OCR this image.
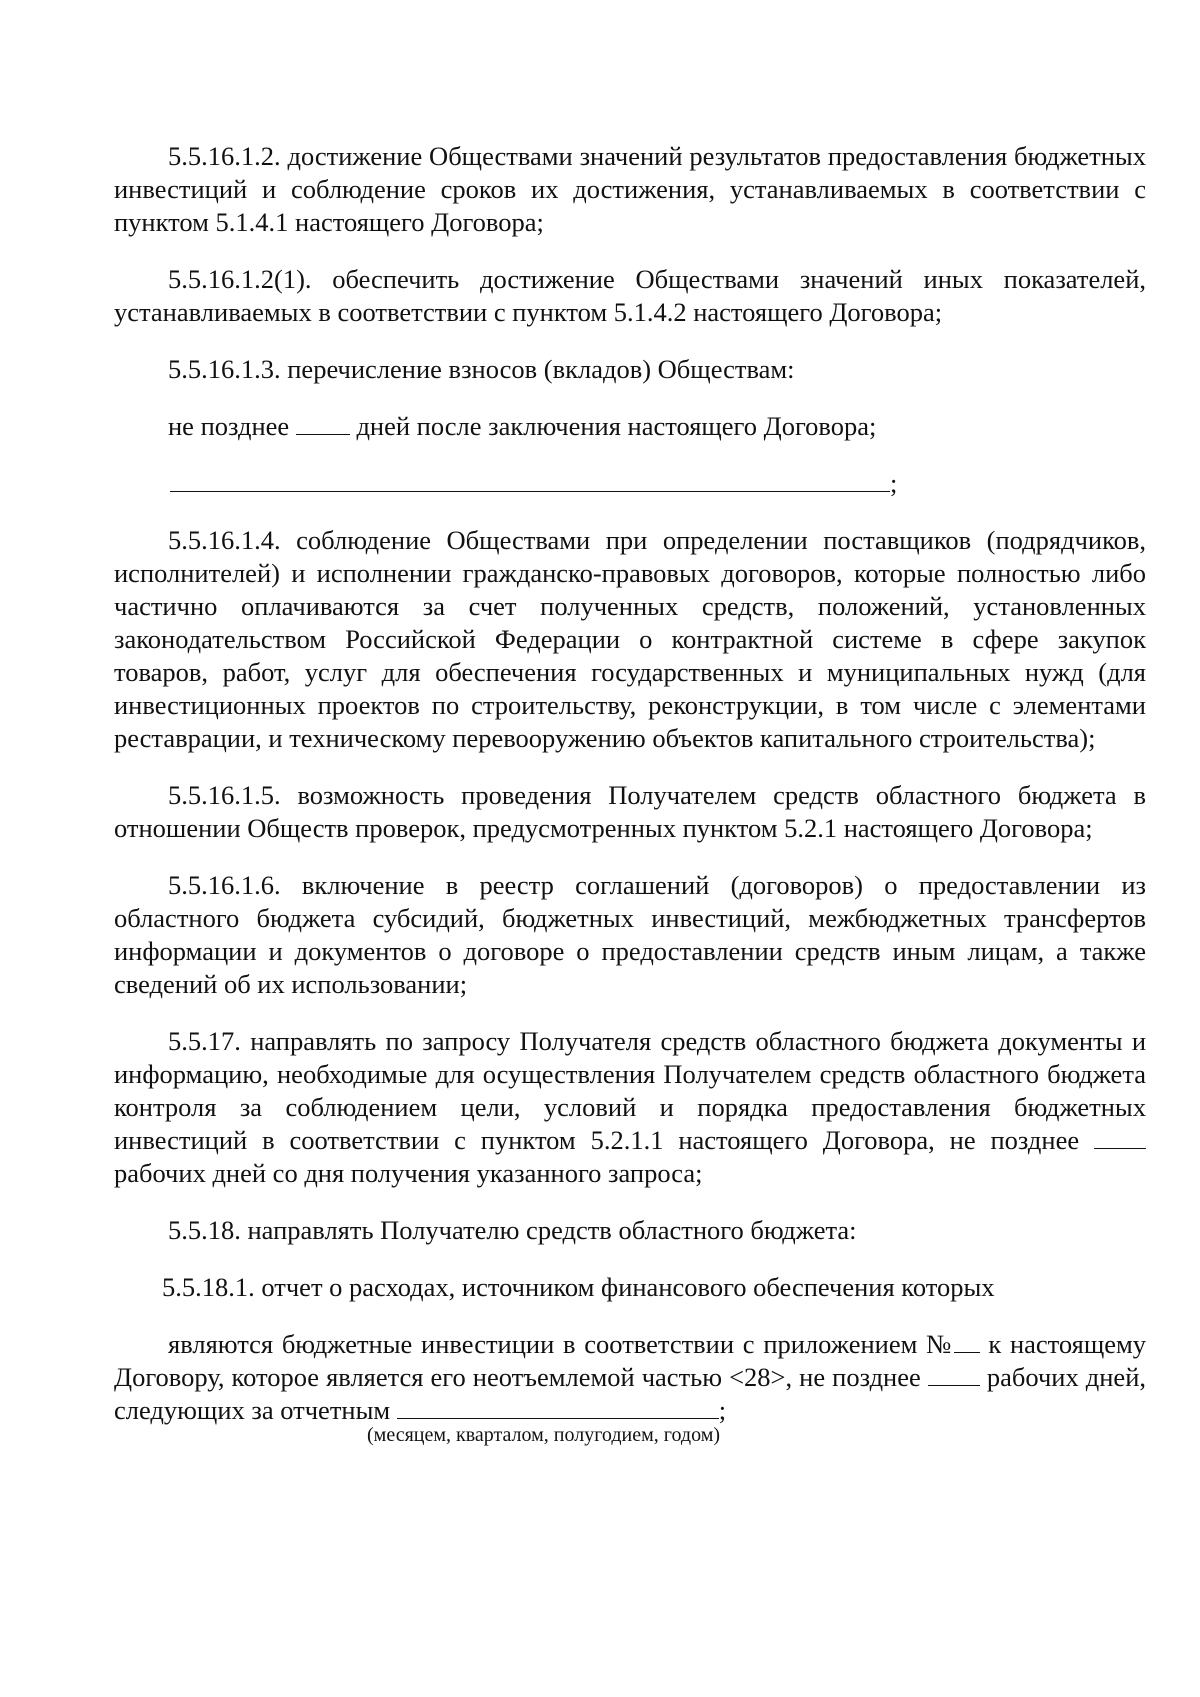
5.5.16.1.2. достижение Обществами значений результатов предоставления бюджетных инвестиций и соблюдение сроков их достижения, устанавливаемых в соответствии с пунктом 5.1.4.1 настоящего Договора;

5.5.16.1.2(1). обеспечить достижение Обществами значений иных показателей, устанавливаемых в соответствии с пунктом 5.1.4.2 настоящего Договора;

5.5.16.1.3. перечисление взносов (вкладов) Обществам:

не позднее	дней после заключения настоящего Договора;

;

5.5.16.1.4. соблюдение Обществами при определении поставщиков (подрядчиков, исполнителей) и исполнении гражданско-правовых договоров, которые полностью либо частично оплачиваются за счет полученных средств, положений, установленных законодательством Российской Федерации о контрактной системе в сфере закупок товаров, работ, услуг для обеспечения государственных и муниципальных нужд (для инвестиционных проектов по строительству, реконструкции, в том числе с элементами реставрации, и техническому перевооружению объектов капитального строительства);

5.5.16.1.5. возможность проведения Получателем средств областного бюджета в отношении Обществ проверок, предусмотренных пунктом 5.2.1 настоящего Договора;

5.5.16.1.6. включение в реестр соглашений (договоров) о предоставлении из областного бюджета субсидий, бюджетных инвестиций, межбюджетных трансфертов информации и документов о договоре о предоставлении средств иным лицам, а также сведений об их использовании;

5.5.17. направлять по запросу Получателя средств областного бюджета документы и информацию, необходимые для осуществления Получателем средств областного бюджета контроля за соблюдением цели, условий и порядка предоставления бюджетных инвестиций в соответствии с пунктом 5.2.1.1 настоящего Договора, не позднее  рабочих дней со дня получения указанного запроса;

5.5.18. направлять Получателю средств областного бюджета:

5.5.18.1. отчет о расходах, источником финансового обеспечения которых

являются бюджетные инвестиции в соответствии с приложением № к настоящему Договору, которое является его неотъемлемой частью <28>, не позднее рабочих дней, следующих за отчетным	;

(месяцем, кварталом, полугодием, годом)
